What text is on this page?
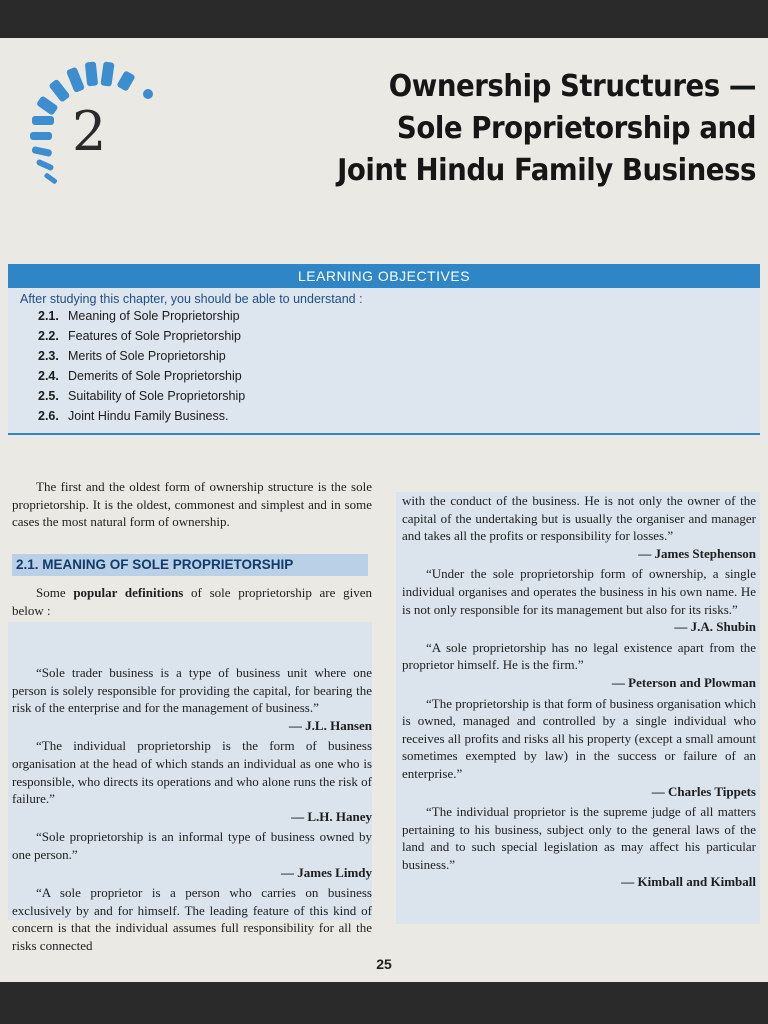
2
Ownership Structures —
Sole Proprietorship and
Joint Hindu Family Business
LEARNING OBJECTIVES
After studying this chapter, you should be able to understand :
2.1. Meaning of Sole Proprietorship
2.2. Features of Sole Proprietorship
2.3. Merits of Sole Proprietorship
2.4. Demerits of Sole Proprietorship
2.5. Suitability of Sole Proprietorship
2.6. Joint Hindu Family Business.

The first and the oldest form of ownership structure is the sole proprietorship. It is the oldest, commonest and simplest and in some cases the most natural form of ownership.

2.1. MEANING OF SOLE PROPRIETORSHIP

Some popular definitions of sole proprietorship are given below :

“Sole trader business is a type of business unit where one person is solely responsible for providing the capital, for bearing the risk of the enterprise and for the management of business.”

— J.L. Hansen

“The individual proprietorship is the form of business organisation at the head of which stands an individual as one who is responsible, who directs its operations and who alone runs the risk of failure.”

— L.H. Haney

“Sole proprietorship is an informal type of business owned by one person.”

— James Limdy

“A sole proprietor is a person who carries on business exclusively by and for himself. The leading feature of this kind of concern is that the individual assumes full responsibility for all the risks connected

with the conduct of the business. He is not only the owner of the capital of the undertaking but is usually the organiser and manager and takes all the profits or responsibility for losses.”

— James Stephenson

“Under the sole proprietorship form of ownership, a single individual organises and operates the business in his own name. He is not only responsible for its management but also for its risks.”

— J.A. Shubin

“A sole proprietorship has no legal existence apart from the proprietor himself. He is the firm.”

— Peterson and Plowman

“The proprietorship is that form of business organisation which is owned, managed and controlled by a single individual who receives all profits and risks all his property (except a small amount sometimes exempted by law) in the success or failure of an enterprise.”

— Charles Tippets

“The individual proprietor is the supreme judge of all matters pertaining to his business, subject only to the general laws of the land and to such special legislation as may affect his particular business.”

— Kimball and Kimball
25
